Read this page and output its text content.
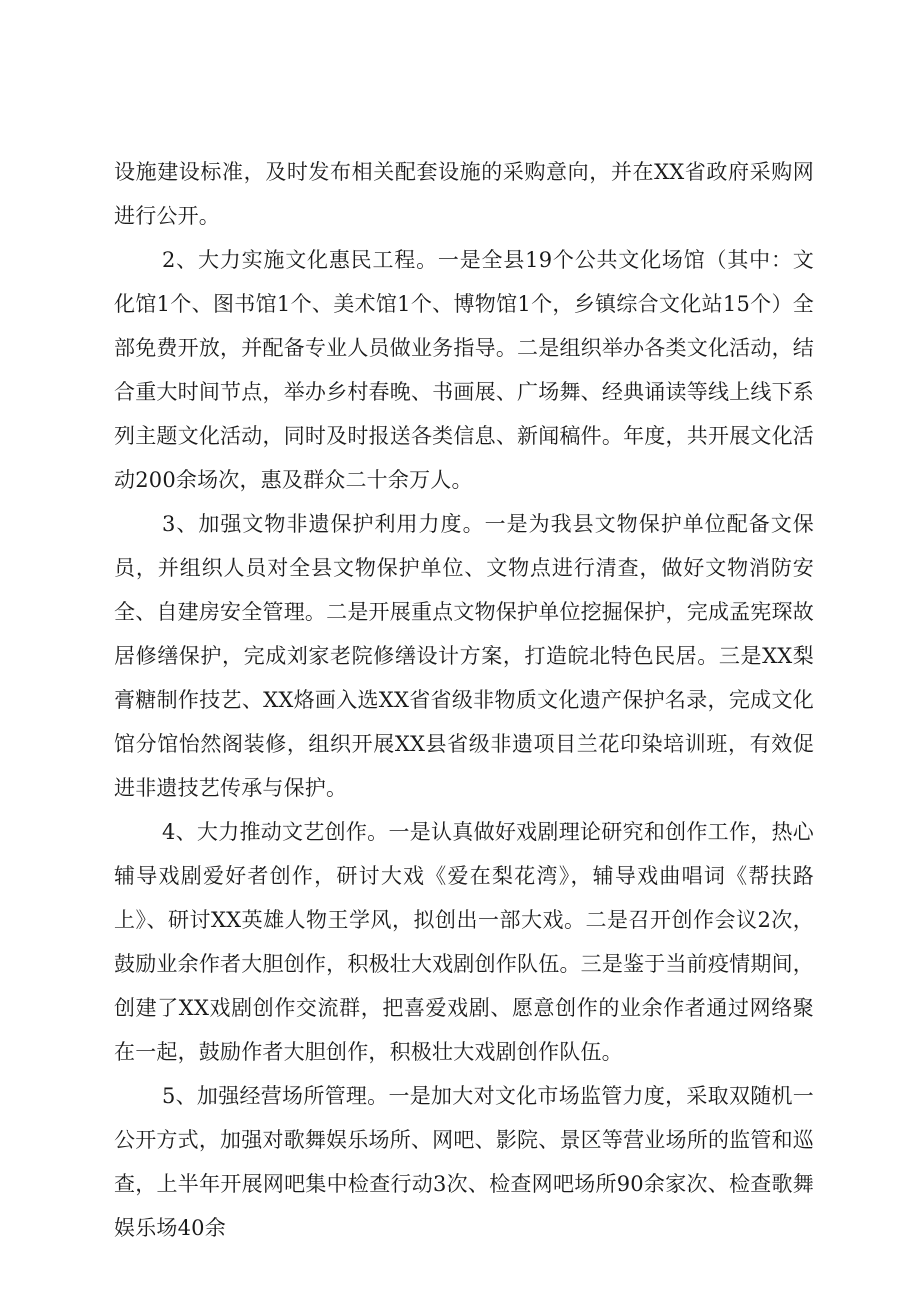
设施建设标准，及时发布相关配套设施的采购意向，并在XX省政府采购网进行公开。

2、大力实施文化惠民工程。一是全县19个公共文化场馆（其中：文化馆1个、图书馆1个、美术馆1个、博物馆1个，乡镇综合文化站15个）全部免费开放，并配备专业人员做业务指导。二是组织举办各类文化活动，结合重大时间节点，举办乡村春晚、书画展、广场舞、经典诵读等线上线下系列主题文化活动，同时及时报送各类信息、新闻稿件。年度，共开展文化活动200余场次，惠及群众二十余万人。

3、加强文物非遗保护利用力度。一是为我县文物保护单位配备文保员，并组织人员对全县文物保护单位、文物点进行清查，做好文物消防安全、自建房安全管理。二是开展重点文物保护单位挖掘保护，完成孟宪琛故居修缮保护，完成刘家老院修缮设计方案，打造皖北特色民居。三是XX梨膏糖制作技艺、XX烙画入选XX省省级非物质文化遗产保护名录，完成文化馆分馆怡然阁装修，组织开展XX县省级非遗项目兰花印染培训班，有效促进非遗技艺传承与保护。

4、大力推动文艺创作。一是认真做好戏剧理论研究和创作工作，热心辅导戏剧爱好者创作，研讨大戏《爱在梨花湾》，辅导戏曲唱词《帮扶路上》、研讨XX英雄人物王学风，拟创出一部大戏。二是召开创作会议2次，鼓励业余作者大胆创作，积极壮大戏剧创作队伍。三是鉴于当前疫情期间，创建了XX戏剧创作交流群，把喜爱戏剧、愿意创作的业余作者通过网络聚在一起，鼓励作者大胆创作，积极壮大戏剧创作队伍。

5、加强经营场所管理。一是加大对文化市场监管力度，采取双随机一公开方式，加强对歌舞娱乐场所、网吧、影院、景区等营业场所的监管和巡查，上半年开展网吧集中检查行动3次、检查网吧场所90余家次、检查歌舞娱乐场40余
